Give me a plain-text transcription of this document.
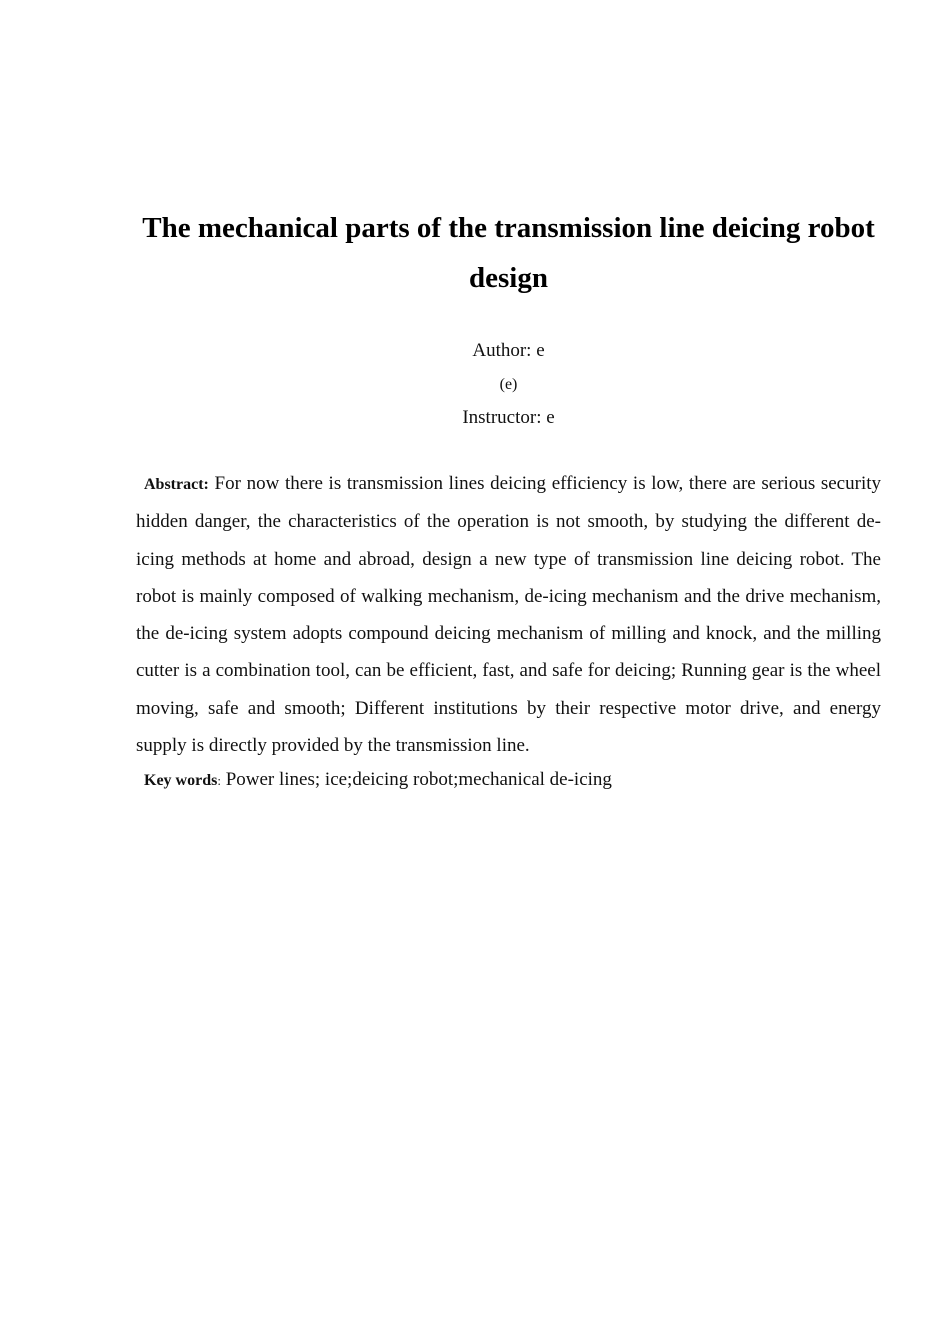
The mechanical parts of the transmission line deicing robot design
Author: e
(e)
Instructor: e

Abstract: For now there is transmission lines deicing efficiency is low, there are serious security hidden danger, the characteristics of the operation is not smooth, by studying the different de-icing methods at home and abroad, design a new type of transmission line deicing robot. The robot is mainly composed of walking mechanism, de-icing mechanism and the drive mechanism, the de-icing system adopts compound deicing mechanism of milling and knock, and the milling cutter is a combination tool, can be efficient, fast, and safe for deicing; Running gear is the wheel moving, safe and smooth; Different institutions by their respective motor drive, and energy supply is directly provided by the transmission line.

Key words: Power lines; ice;deicing robot;mechanical de-icing
